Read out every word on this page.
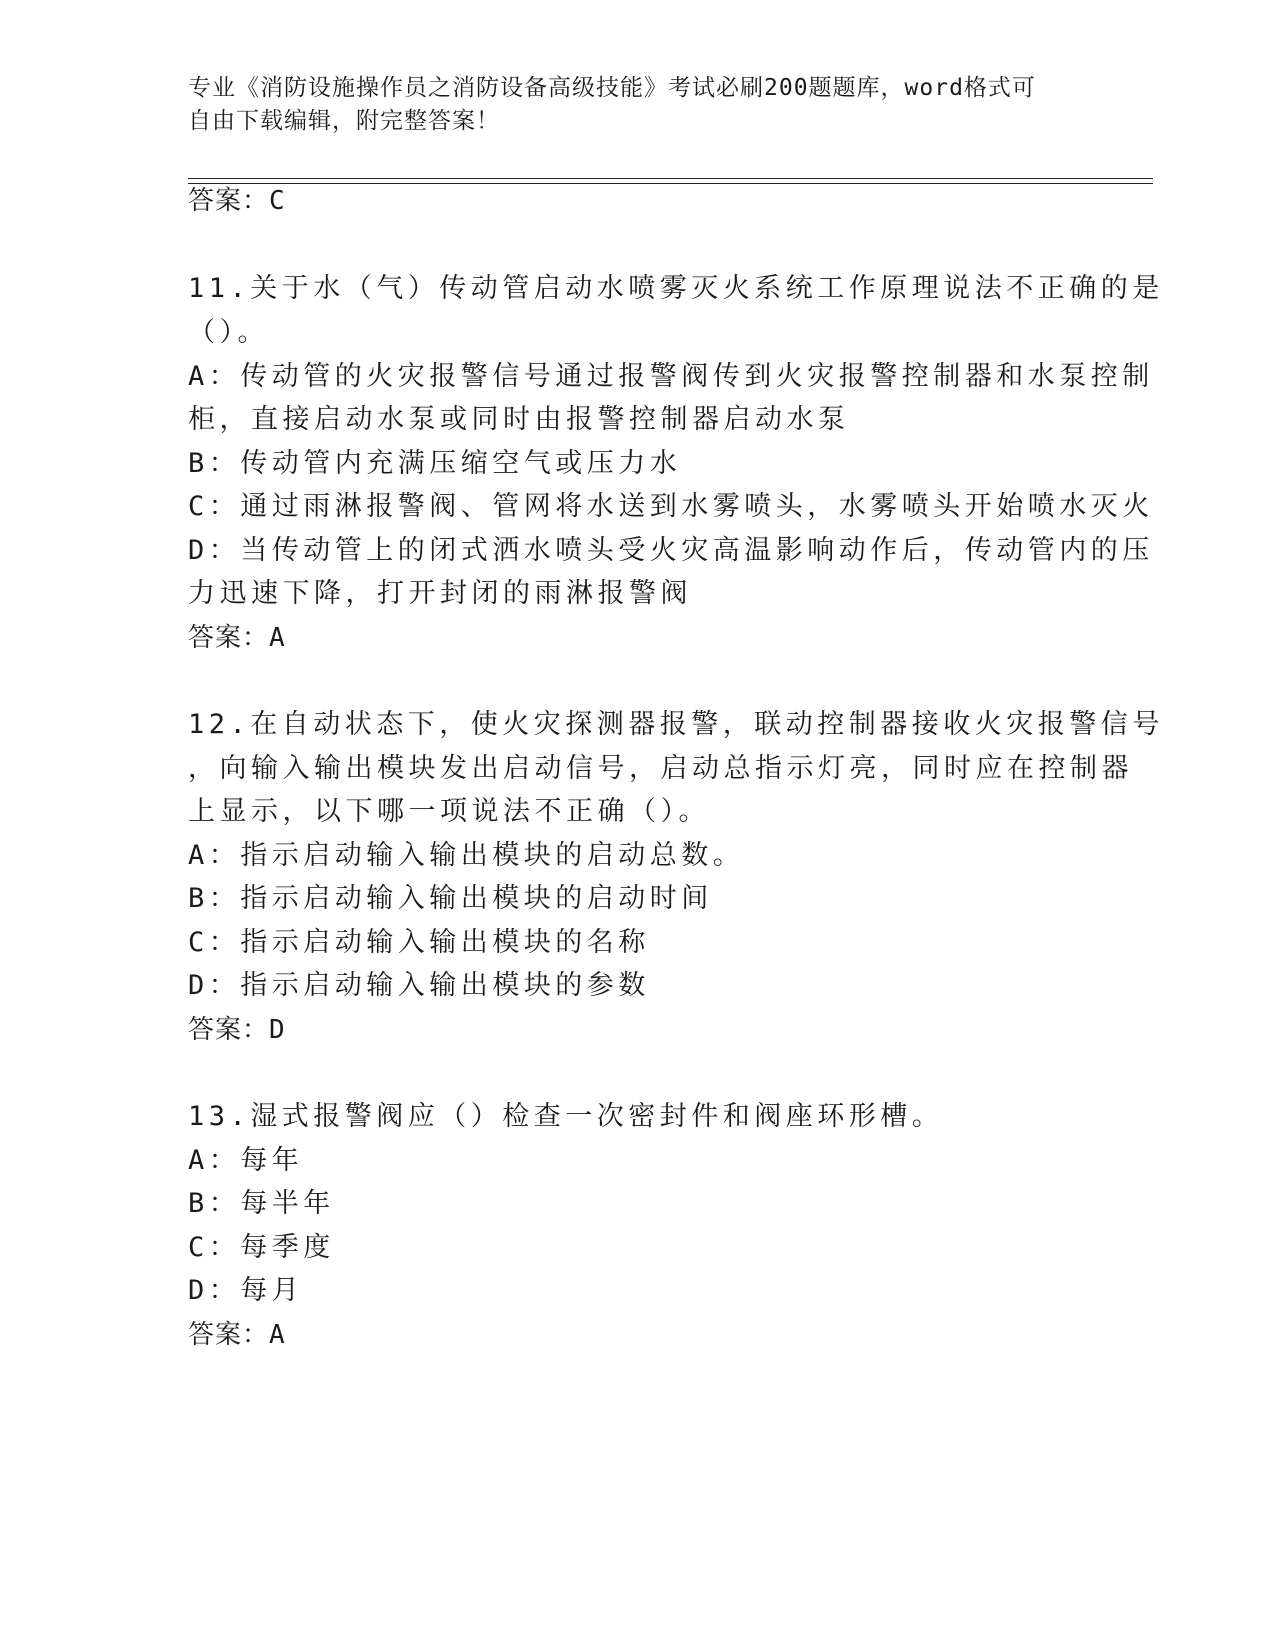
专业《消防设施操作员之消防设备高级技能》考试必刷200题题库，word格式可
自由下载编辑，附完整答案！
答案：C
11.关于水（气）传动管启动水喷雾灭火系统工作原理说法不正确的是
（）。
A：传动管的火灾报警信号通过报警阀传到火灾报警控制器和水泵控制
柜，直接启动水泵或同时由报警控制器启动水泵
B：传动管内充满压缩空气或压力水
C：通过雨淋报警阀、管网将水送到水雾喷头，水雾喷头开始喷水灭火
D：当传动管上的闭式洒水喷头受火灾高温影响动作后，传动管内的压
力迅速下降，打开封闭的雨淋报警阀
答案：A
12.在自动状态下，使火灾探测器报警，联动控制器接收火灾报警信号
，向输入输出模块发出启动信号，启动总指示灯亮，同时应在控制器
上显示，以下哪一项说法不正确（）。
A：指示启动输入输出模块的启动总数。
B：指示启动输入输出模块的启动时间
C：指示启动输入输出模块的名称
D：指示启动输入输出模块的参数
答案：D
13.湿式报警阀应（）检查一次密封件和阀座环形槽。
A：每年
B：每半年
C：每季度
D：每月
答案：A
